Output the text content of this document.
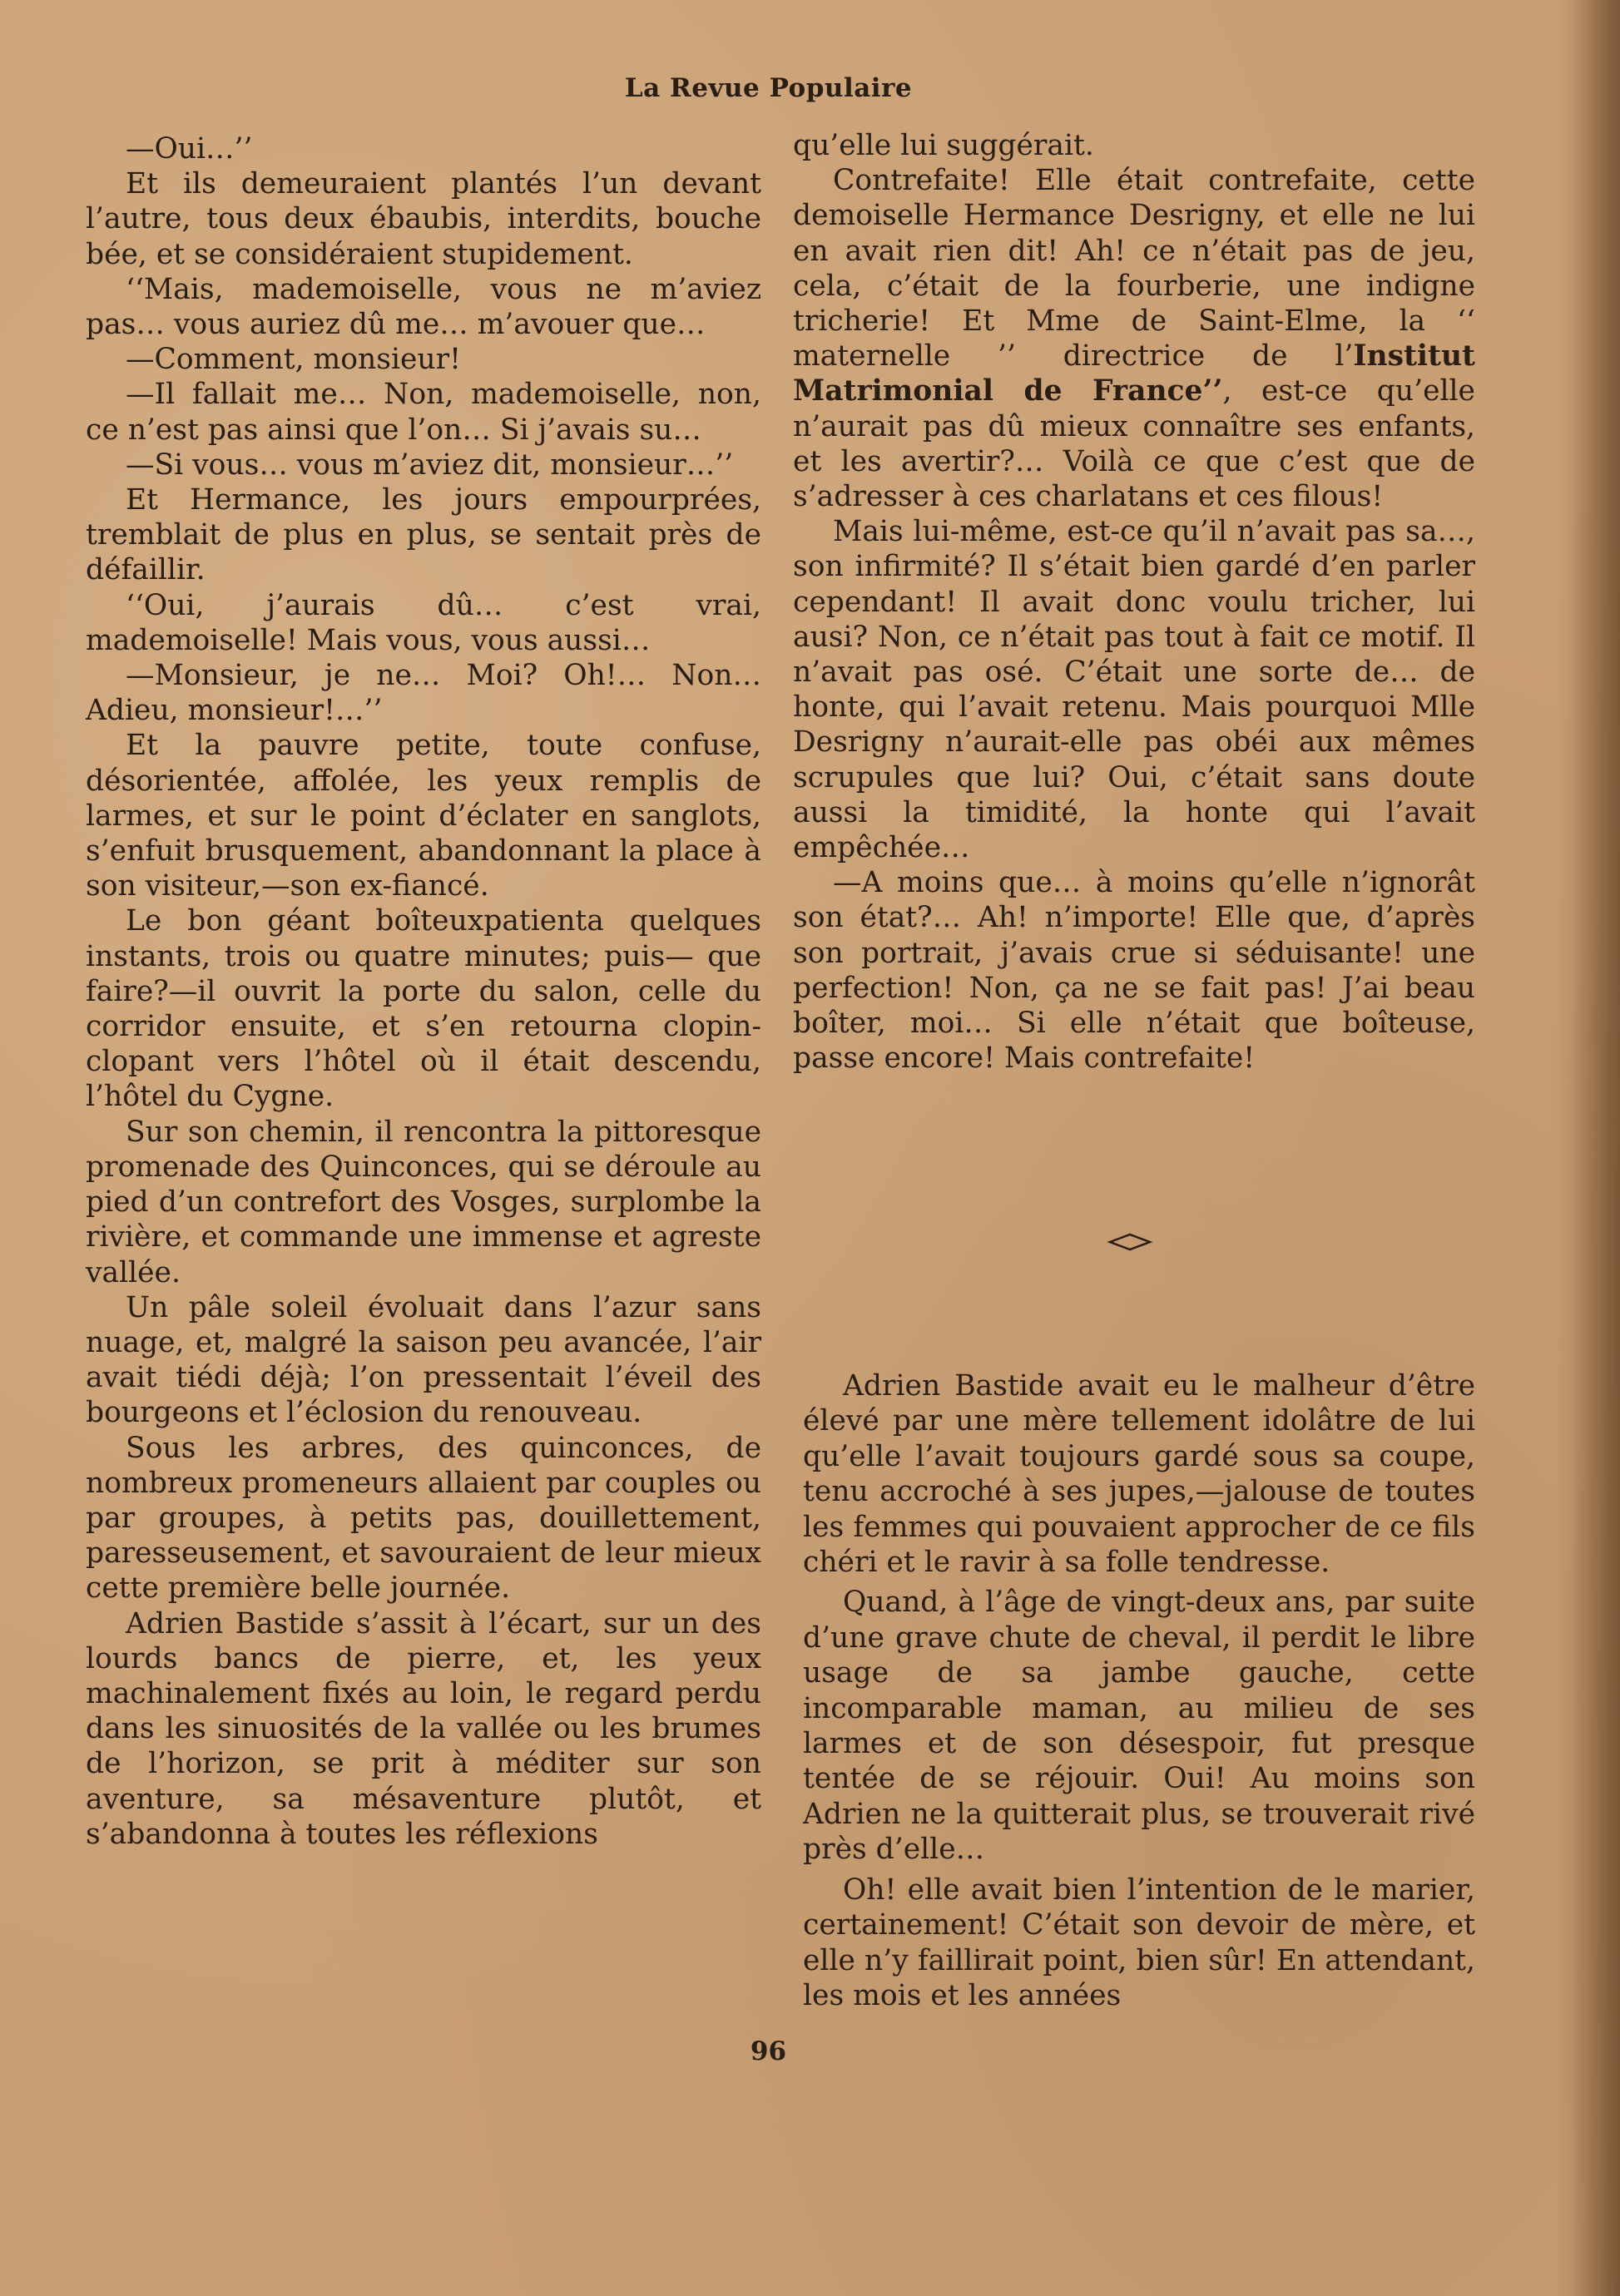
La Revue Populaire

—Oui…’’

Et ils demeuraient plantés l’un devant l’autre, tous deux ébaubis, interdits, bouche bée, et se considéraient stupidement.

‘‘Mais, mademoiselle, vous ne m’aviez pas… vous auriez dû me… m’avouer que…

—Comment, monsieur!

—Il fallait me… Non, mademoiselle, non, ce n’est pas ainsi que l’on… Si j’avais su…

—Si vous… vous m’aviez dit, monsieur…’’

Et Hermance, les jours empourprées, tremblait de plus en plus, se sentait près de défaillir.

‘‘Oui, j’aurais dû… c’est vrai, mademoiselle! Mais vous, vous aussi…

—Monsieur, je ne… Moi? Oh!… Non… Adieu, monsieur!…’’

Et la pauvre petite, toute confuse, désorientée, affolée, les yeux remplis de larmes, et sur le point d’éclater en sanglots, s’enfuit brusquement, abandonnant la place à son visiteur,—son ex-fiancé.

Le bon géant boîteuxpatienta quelques instants, trois ou quatre minutes; puis— que faire?—il ouvrit la porte du salon, celle du corridor ensuite, et s’en retourna clopin-clopant vers l’hôtel où il était descendu, l’hôtel du Cygne.

Sur son chemin, il rencontra la pittoresque promenade des Quinconces, qui se déroule au pied d’un contrefort des Vosges, surplombe la rivière, et commande une immense et agreste vallée.

Un pâle soleil évoluait dans l’azur sans nuage, et, malgré la saison peu avancée, l’air avait tiédi déjà; l’on pressentait l’éveil des bourgeons et l’éclosion du renouveau.

Sous les arbres, des quinconces, de nombreux promeneurs allaient par couples ou par groupes, à petits pas, douillettement, paresseusement, et savouraient de leur mieux cette première belle journée.

Adrien Bastide s’assit à l’écart, sur un des lourds bancs de pierre, et, les yeux machinalement fixés au loin, le regard perdu dans les sinuosités de la vallée ou les brumes de l’horizon, se prit à méditer sur son aventure, sa mésaventure plutôt, et s’abandonna à toutes les réflexions

qu’elle lui suggérait.

Contrefaite! Elle était contrefaite, cette demoiselle Hermance Desrigny, et elle ne lui en avait rien dit! Ah! ce n’était pas de jeu, cela, c’était de la fourberie, une indigne tricherie! Et Mme de Saint-Elme, la ‘‘ maternelle ’’ directrice de l’Institut Matrimonial de France’’, est-ce qu’elle n’aurait pas dû mieux connaître ses enfants, et les avertir?… Voilà ce que c’est que de s’adresser à ces charlatans et ces filous!

Mais lui-même, est-ce qu’il n’avait pas sa…, son infirmité? Il s’était bien gardé d’en parler cependant! Il avait donc voulu tricher, lui ausi? Non, ce n’était pas tout à fait ce motif. Il n’avait pas osé. C’était une sorte de… de honte, qui l’avait retenu. Mais pourquoi Mlle Desrigny n’aurait-elle pas obéi aux mêmes scrupules que lui? Oui, c’était sans doute aussi la timidité, la honte qui l’avait empêchée…

—A moins que… à moins qu’elle n’ignorât son état?… Ah! n’importe! Elle que, d’après son portrait, j’avais crue si séduisante! une perfection! Non, ça ne se fait pas! J’ai beau boîter, moi… Si elle n’était que boîteuse, passe encore! Mais contrefaite!

Adrien Bastide avait eu le malheur d’être élevé par une mère tellement idolâtre de lui qu’elle l’avait toujours gardé sous sa coupe, tenu accroché à ses jupes,—jalouse de toutes les femmes qui pouvaient approcher de ce fils chéri et le ravir à sa folle tendresse.

Quand, à l’âge de vingt-deux ans, par suite d’une grave chute de cheval, il perdit le libre usage de sa jambe gauche, cette incomparable maman, au milieu de ses larmes et de son désespoir, fut presque tentée de se réjouir. Oui! Au moins son Adrien ne la quitterait plus, se trouverait rivé près d’elle…

Oh! elle avait bien l’intention de le marier, certainement! C’était son devoir de mère, et elle n’y faillirait point, bien sûr! En attendant, les mois et les années

96
